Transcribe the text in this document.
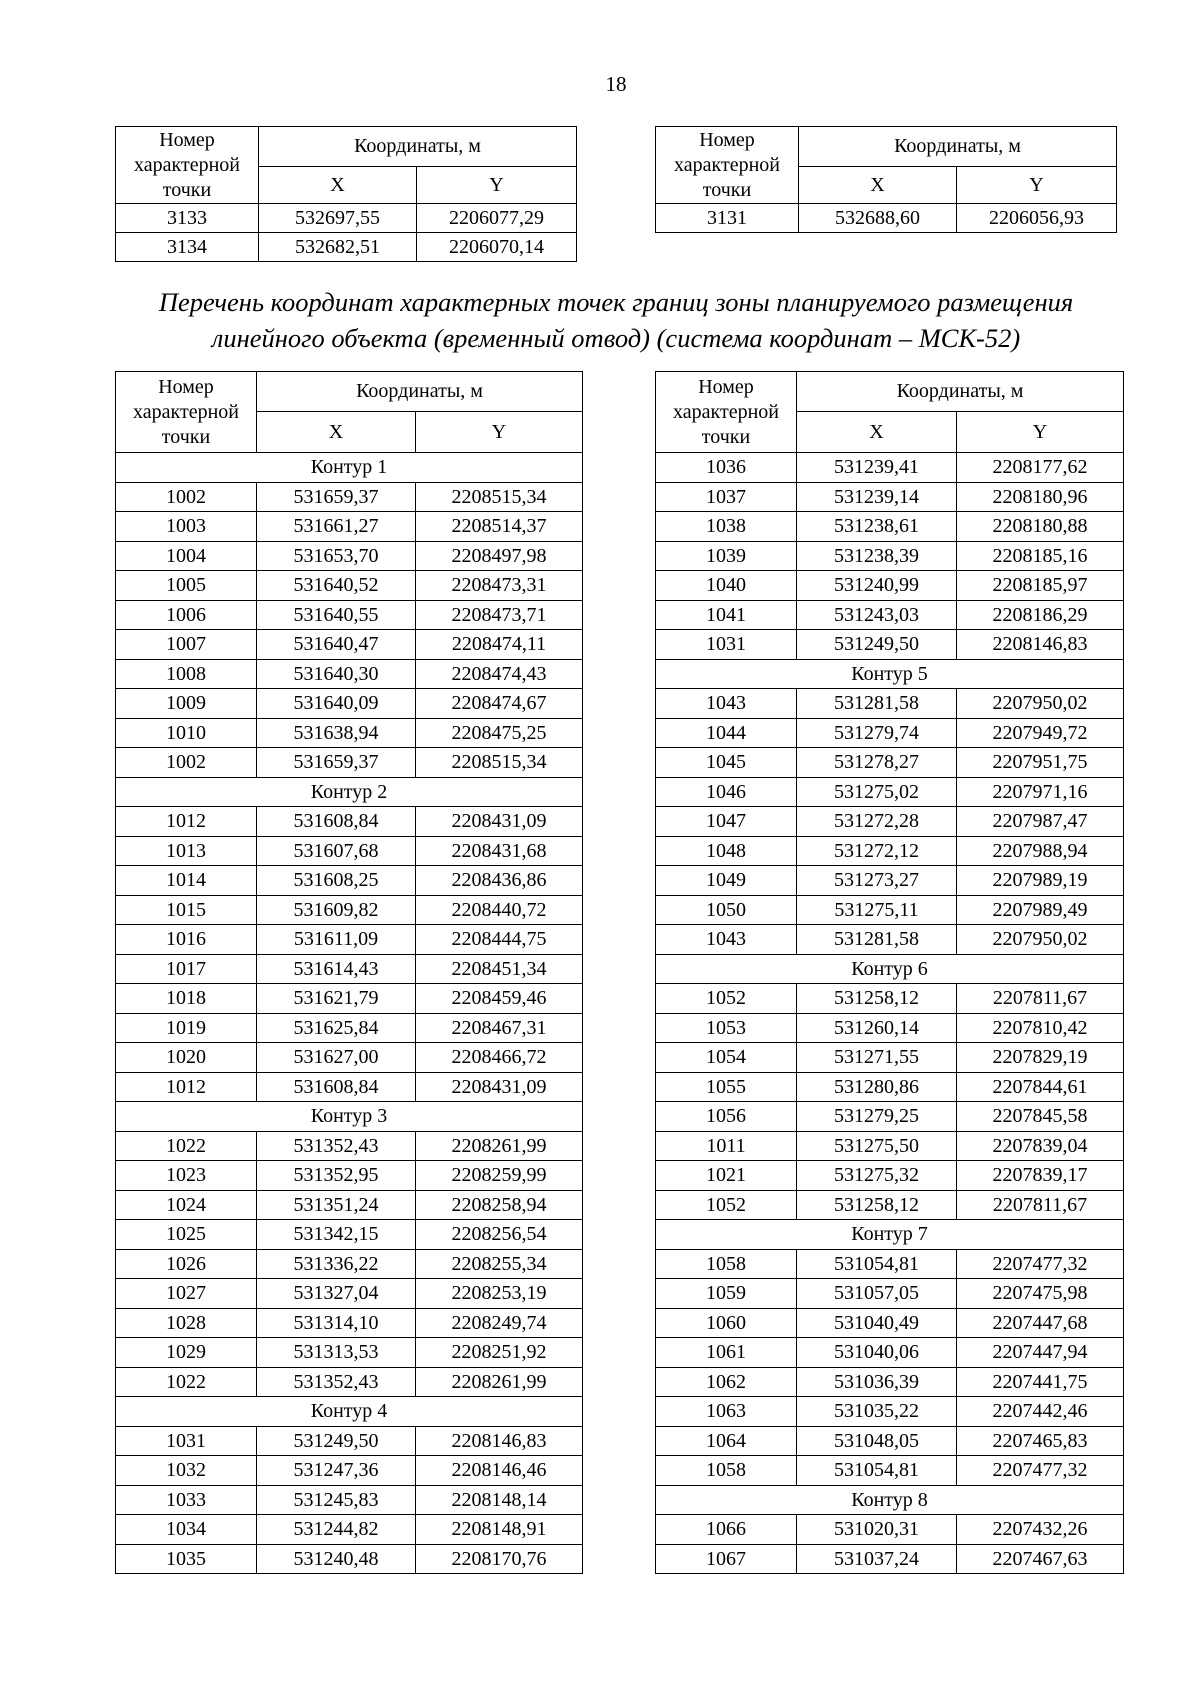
18
Номер характерной точки	Координаты, м	
	X	Y
3133	532697,55	2206077,29
3134	532682,51	2206070,14
Номер характерной точки	Координаты, м	
	X	Y
3131	532688,60	2206056,93
Перечень координат характерных точек границ зоны планируемого размещения
линейного объекта (временный отвод) (система координат – МСК-52)
Номер характерной точки	Координаты, м	
	X	Y
Контур 1		
1002	531659,37	2208515,34
1003	531661,27	2208514,37
1004	531653,70	2208497,98
1005	531640,52	2208473,31
1006	531640,55	2208473,71
1007	531640,47	2208474,11
1008	531640,30	2208474,43
1009	531640,09	2208474,67
1010	531638,94	2208475,25
1002	531659,37	2208515,34
Контур 2		
1012	531608,84	2208431,09
1013	531607,68	2208431,68
1014	531608,25	2208436,86
1015	531609,82	2208440,72
1016	531611,09	2208444,75
1017	531614,43	2208451,34
1018	531621,79	2208459,46
1019	531625,84	2208467,31
1020	531627,00	2208466,72
1012	531608,84	2208431,09
Контур 3		
1022	531352,43	2208261,99
1023	531352,95	2208259,99
1024	531351,24	2208258,94
1025	531342,15	2208256,54
1026	531336,22	2208255,34
1027	531327,04	2208253,19
1028	531314,10	2208249,74
1029	531313,53	2208251,92
1022	531352,43	2208261,99
Контур 4		
1031	531249,50	2208146,83
1032	531247,36	2208146,46
1033	531245,83	2208148,14
1034	531244,82	2208148,91
1035	531240,48	2208170,76
Номер характерной точки	Координаты, м	
	X	Y
1036	531239,41	2208177,62
1037	531239,14	2208180,96
1038	531238,61	2208180,88
1039	531238,39	2208185,16
1040	531240,99	2208185,97
1041	531243,03	2208186,29
1031	531249,50	2208146,83
Контур 5		
1043	531281,58	2207950,02
1044	531279,74	2207949,72
1045	531278,27	2207951,75
1046	531275,02	2207971,16
1047	531272,28	2207987,47
1048	531272,12	2207988,94
1049	531273,27	2207989,19
1050	531275,11	2207989,49
1043	531281,58	2207950,02
Контур 6		
1052	531258,12	2207811,67
1053	531260,14	2207810,42
1054	531271,55	2207829,19
1055	531280,86	2207844,61
1056	531279,25	2207845,58
1011	531275,50	2207839,04
1021	531275,32	2207839,17
1052	531258,12	2207811,67
Контур 7		
1058	531054,81	2207477,32
1059	531057,05	2207475,98
1060	531040,49	2207447,68
1061	531040,06	2207447,94
1062	531036,39	2207441,75
1063	531035,22	2207442,46
1064	531048,05	2207465,83
1058	531054,81	2207477,32
Контур 8		
1066	531020,31	2207432,26
1067	531037,24	2207467,63
